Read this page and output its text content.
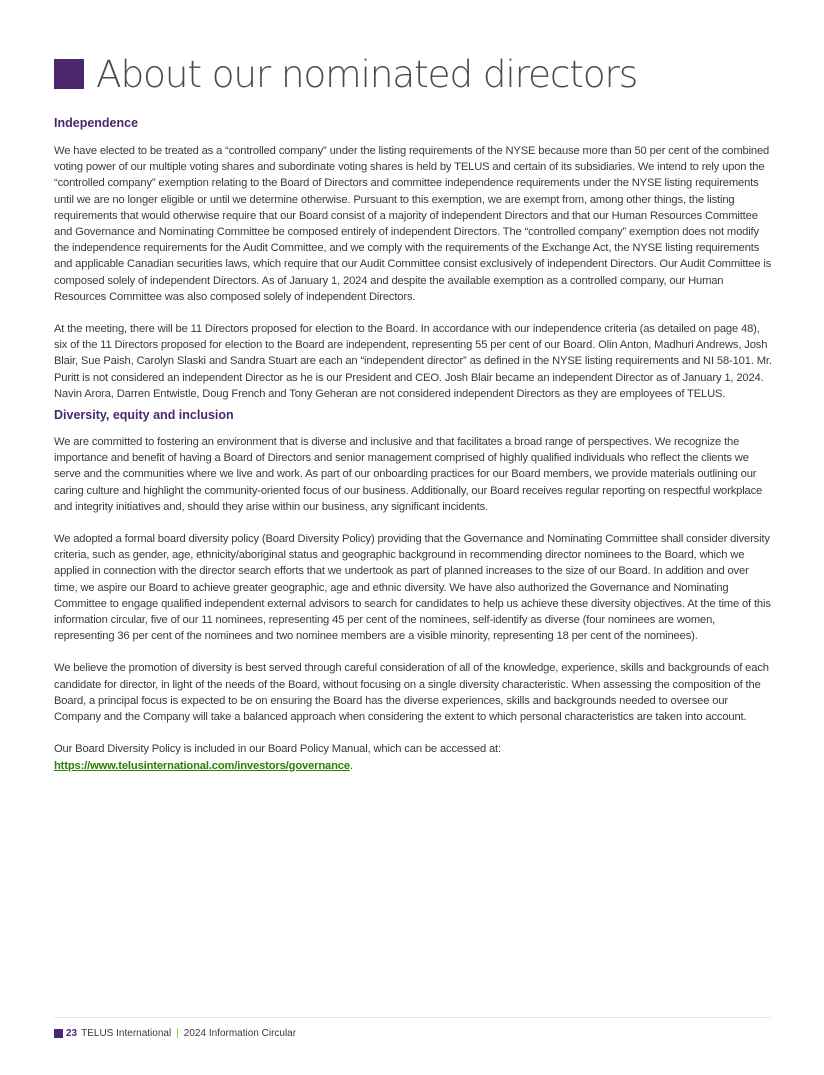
About our nominated directors
Independence

We have elected to be treated as a “controlled company” under the listing requirements of the NYSE because more than 50 per cent of the combined voting power of our multiple voting shares and subordinate voting shares is held by TELUS and certain of its subsidiaries. We intend to rely upon the “controlled company” exemption relating to the Board of Directors and committee independence requirements under the NYSE listing requirements until we are no longer eligible or until we determine otherwise. Pursuant to this exemption, we are exempt from, among other things, the listing requirements that would otherwise require that our Board consist of a majority of independent Directors and that our Human Resources Committee and Governance and Nominating Committee be composed entirely of independent Directors. The “controlled company” exemption does not modify the independence requirements for the Audit Committee, and we comply with the requirements of the Exchange Act, the NYSE listing requirements and applicable Canadian securities laws, which require that our Audit Committee consist exclusively of independent Directors. Our Audit Committee is composed solely of independent Directors. As of January 1, 2024 and despite the available exemption as a controlled company, our Human Resources Committee was also composed solely of independent Directors.

At the meeting, there will be 11 Directors proposed for election to the Board. In accordance with our independence criteria (as detailed on page 48), six of the 11 Directors proposed for election to the Board are independent, representing 55 per cent of our Board. Olin Anton, Madhuri Andrews, Josh Blair, Sue Paish, Carolyn Slaski and Sandra Stuart are each an “independent director” as defined in the NYSE listing requirements and NI 58-101. Mr. Puritt is not considered an independent Director as he is our President and CEO. Josh Blair became an independent Director as of January 1, 2024. Navin Arora, Darren Entwistle, Doug French and Tony Geheran are not considered independent Directors as they are employees of TELUS.

Diversity, equity and inclusion

We are committed to fostering an environment that is diverse and inclusive and that facilitates a broad range of perspectives. We recognize the importance and benefit of having a Board of Directors and senior management comprised of highly qualified individuals who reflect the clients we serve and the communities where we live and work. As part of our onboarding practices for our Board members, we provide materials outlining our caring culture and highlight the community-oriented focus of our business. Additionally, our Board receives regular reporting on respectful workplace and integrity initiatives and, should they arise within our business, any significant incidents.

We adopted a formal board diversity policy (Board Diversity Policy) providing that the Governance and Nominating Committee shall consider diversity criteria, such as gender, age, ethnicity/aboriginal status and geographic background in recommending director nominees to the Board, which we applied in connection with the director search efforts that we undertook as part of planned increases to the size of our Board. In addition and over time, we aspire our Board to achieve greater geographic, age and ethnic diversity. We have also authorized the Governance and Nominating Committee to engage qualified independent external advisors to search for candidates to help us achieve these diversity objectives. At the time of this information circular, five of our 11 nominees, representing 45 per cent of the nominees, self-identify as diverse (four nominees are women, representing 36 per cent of the nominees and two nominee members are a visible minority, representing 18 per cent of the nominees).

We believe the promotion of diversity is best served through careful consideration of all of the knowledge, experience, skills and backgrounds of each candidate for director, in light of the needs of the Board, without focusing on a single diversity characteristic. When assessing the composition of the Board, a principal focus is expected to be on ensuring the Board has the diverse experiences, skills and backgrounds needed to oversee our Company and the Company will take a balanced approach when considering the extent to which personal characteristics are taken into account.

Our Board Diversity Policy is included in our Board Policy Manual, which can be accessed at:
https://www.telusinternational.com/investors/governance.

23 TELUS International | 2024 Information Circular
